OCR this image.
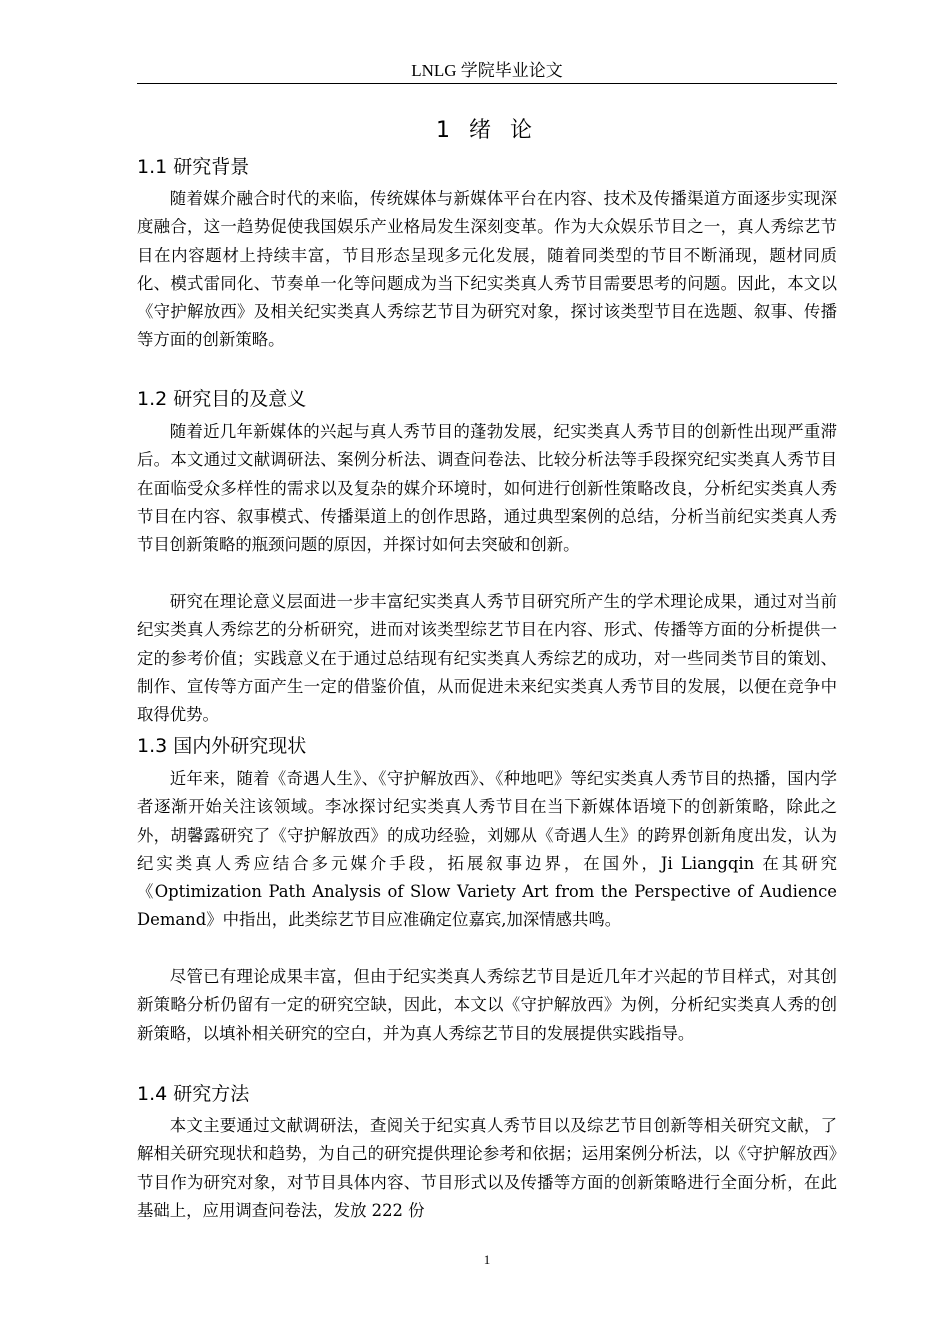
LNLG 学院毕业论文
1 绪 论
1.1 研究背景

随着媒介融合时代的来临，传统媒体与新媒体平台在内容、技术及传播渠道方面逐步实现深度融合，这一趋势促使我国娱乐产业格局发生深刻变革。作为大众娱乐节目之一，真人秀综艺节目在内容题材上持续丰富，节目形态呈现多元化发展，随着同类型的节目不断涌现，题材同质化、模式雷同化、节奏单一化等问题成为当下纪实类真人秀节目需要思考的问题。因此，本文以《守护解放西》及相关纪实类真人秀综艺节目为研究对象，探讨该类型节目在选题、叙事、传播等方面的创新策略。

1.2 研究目的及意义

随着近几年新媒体的兴起与真人秀节目的蓬勃发展，纪实类真人秀节目的创新性出现严重滞后。本文通过文献调研法、案例分析法、调查问卷法、比较分析法等手段探究纪实类真人秀节目在面临受众多样性的需求以及复杂的媒介环境时，如何进行创新性策略改良，分析纪实类真人秀节目在内容、叙事模式、传播渠道上的创作思路，通过典型案例的总结，分析当前纪实类真人秀节目创新策略的瓶颈问题的原因，并探讨如何去突破和创新。

研究在理论意义层面进一步丰富纪实类真人秀节目研究所产生的学术理论成果，通过对当前纪实类真人秀综艺的分析研究，进而对该类型综艺节目在内容、形式、传播等方面的分析提供一定的参考价值；实践意义在于通过总结现有纪实类真人秀综艺的成功，对一些同类节目的策划、制作、宣传等方面产生一定的借鉴价值，从而促进未来纪实类真人秀节目的发展，以便在竞争中取得优势。

1.3 国内外研究现状

近年来，随着《奇遇人生》、《守护解放西》、《种地吧》等纪实类真人秀节目的热播，国内学者逐渐开始关注该领域。李冰探讨纪实类真人秀节目在当下新媒体语境下的创新策略，除此之外，胡馨露研究了《守护解放西》的成功经验，刘娜从《奇遇人生》的跨界创新角度出发，认为纪实类真人秀应结合多元媒介手段，拓展叙事边界，在国外，Ji Liangqin 在其研究《Optimization Path Analysis of Slow Variety Art from the Perspective of Audience Demand》中指出，此类综艺节目应准确定位嘉宾,加深情感共鸣。

尽管已有理论成果丰富，但由于纪实类真人秀综艺节目是近几年才兴起的节目样式，对其创新策略分析仍留有一定的研究空缺，因此，本文以《守护解放西》为例，分析纪实类真人秀的创新策略，以填补相关研究的空白，并为真人秀综艺节目的发展提供实践指导。

1.4 研究方法

本文主要通过文献调研法，查阅关于纪实真人秀节目以及综艺节目创新等相关研究文献，了解相关研究现状和趋势，为自己的研究提供理论参考和依据；运用案例分析法，以《守护解放西》节目作为研究对象，对节目具体内容、节目形式以及传播等方面的创新策略进行全面分析，在此基础上，应用调查问卷法，发放 222 份

1
